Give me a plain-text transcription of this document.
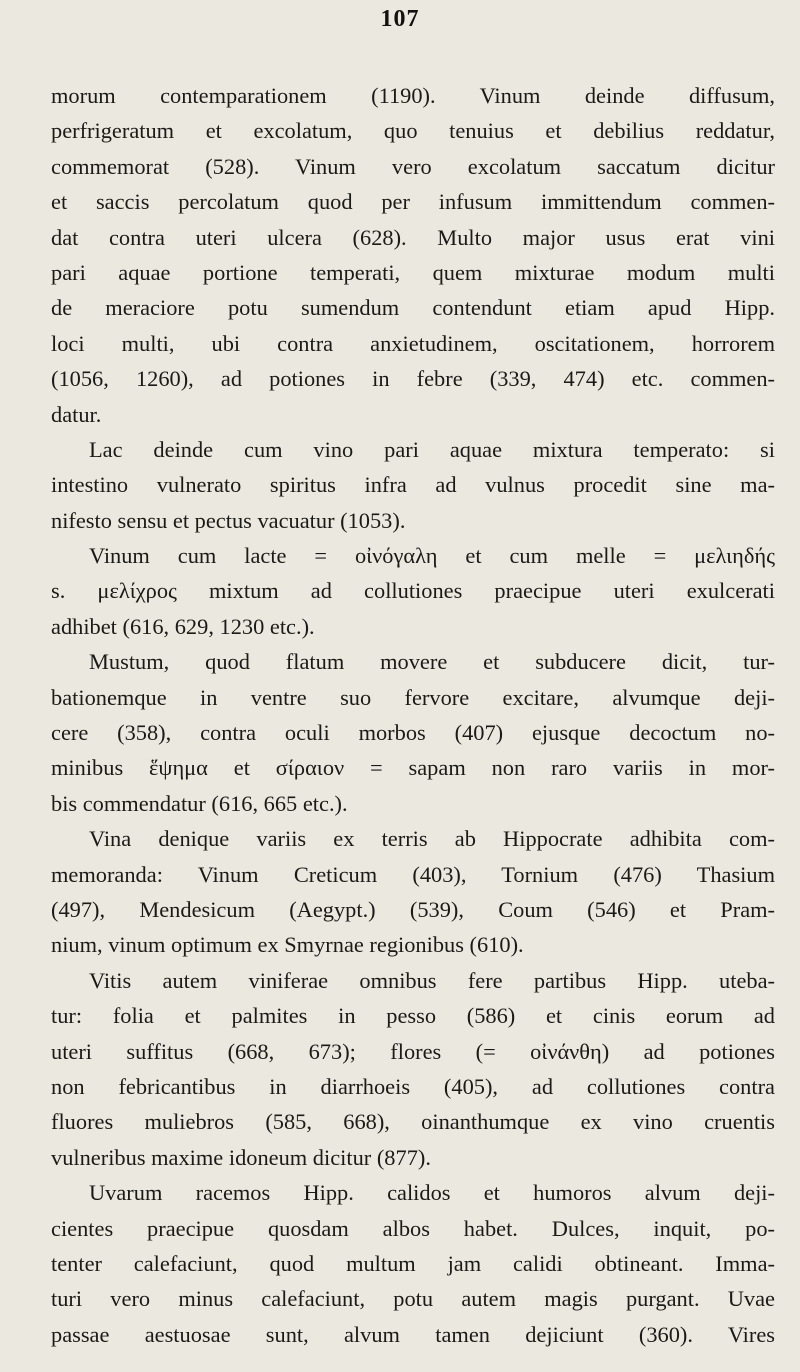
107
morum contemparationem (1190). Vinum deinde diffusum,
perfrigeratum et excolatum, quo tenuius et debilius reddatur,
commemorat (528). Vinum vero excolatum saccatum dicitur
et saccis percolatum quod per infusum immittendum commen-
dat contra uteri ulcera (628). Multo major usus erat vini
pari aquae portione temperati, quem mixturae modum multi
de meraciore potu sumendum contendunt etiam apud Hipp.
loci multi, ubi contra anxietudinem, oscitationem, horrorem
(1056, 1260), ad potiones in febre (339, 474) etc. commen-
datur.
Lac deinde cum vino pari aquae mixtura temperato: si
intestino vulnerato spiritus infra ad vulnus procedit sine ma-
nifesto sensu et pectus vacuatur (1053).
Vinum cum lacte = οἰνόγαλη et cum melle = μελιηδής
s. μελίχρος mixtum ad collutiones praecipue uteri exulcerati
adhibet (616, 629, 1230 etc.).
Mustum, quod flatum movere et subducere dicit, tur-
bationemque in ventre suo fervore excitare, alvumque deji-
cere (358), contra oculi morbos (407) ejusque decoctum no-
minibus ἕψημα et σίραιον = sapam non raro variis in mor-
bis commendatur (616, 665 etc.).
Vina denique variis ex terris ab Hippocrate adhibita com-
memoranda: Vinum Creticum (403), Tornium (476) Thasium
(497), Mendesicum (Aegypt.) (539), Coum (546) et Pram-
nium, vinum optimum ex Smyrnae regionibus (610).
Vitis autem viniferae omnibus fere partibus Hipp. uteba-
tur: folia et palmites in pesso (586) et cinis eorum ad
uteri suffitus (668, 673); flores (= οἰνάνθη) ad potiones
non febricantibus in diarrhoeis (405), ad collutiones contra
fluores muliebros (585, 668), oinanthumque ex vino cruentis
vulneribus maxime idoneum dicitur (877).
Uvarum racemos Hipp. calidos et humoros alvum deji-
cientes praecipue quosdam albos habet. Dulces, inquit, po-
tenter calefaciunt, quod multum jam calidi obtineant. Imma-
turi vero minus calefaciunt, potu autem magis purgant. Uvae
passae aestuosae sunt, alvum tamen dejiciunt (360). Vires
